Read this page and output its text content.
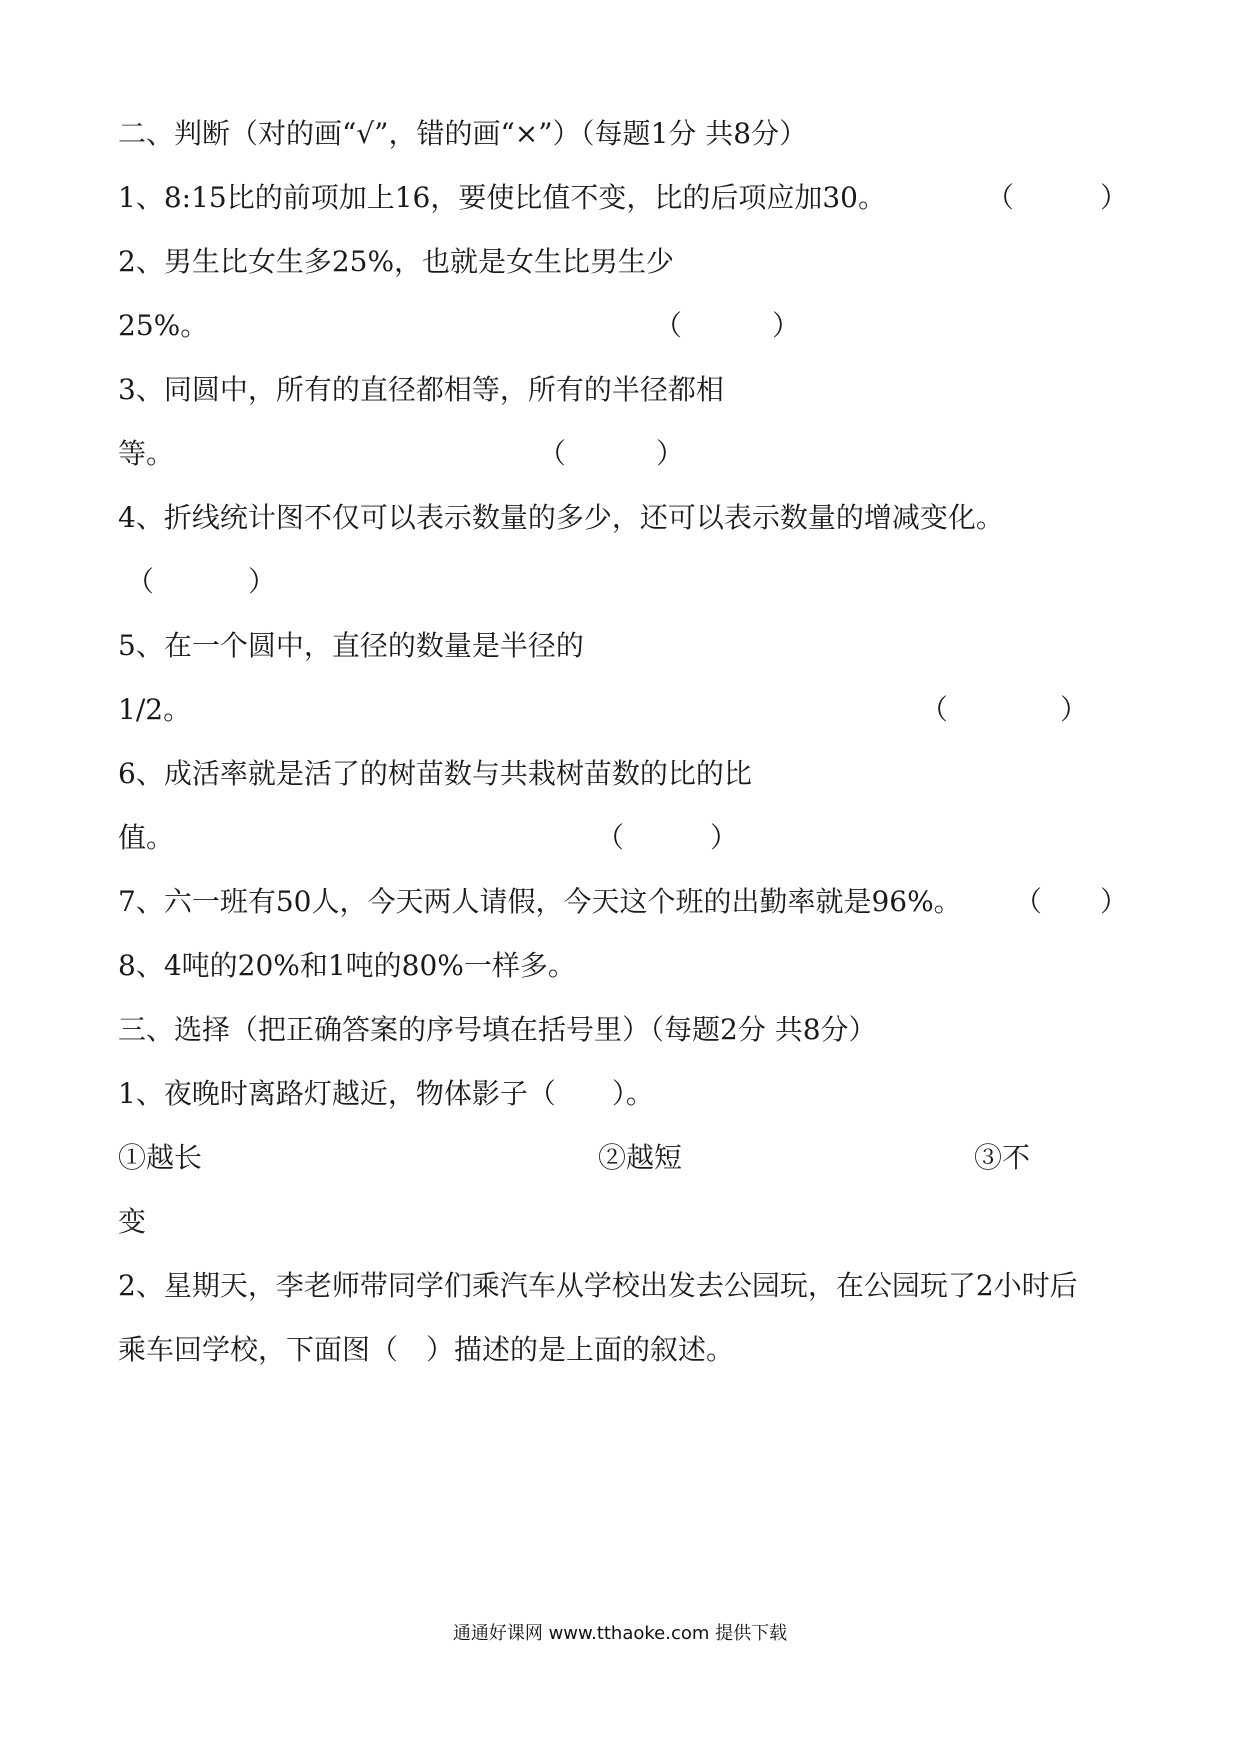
二、判断（对的画“√”，错的画“×”）（每题1分 共8分）
1、8:15比的前项加上16，要使比值不变，比的后项应加30。	（	）
2、男生比女生多25%，也就是女生比男生少
25%。	（	）
3、同圆中，所有的直径都相等，所有的半径都相
等。	（	）
4、折线统计图不仅可以表示数量的多少，还可以表示数量的增减变化。
（	）
5、在一个圆中，直径的数量是半径的
1/2。	（	）
6、成活率就是活了的树苗数与共栽树苗数的比的比
值。	（	）
7、六一班有50人，今天两人请假，今天这个班的出勤率就是96%。 （ ）
8、4吨的20%和1吨的80%一样多。
三、选择（把正确答案的序号填在括号里）（每题2分 共8分）
1、夜晚时离路灯越近，物体影子（　　）。
①越长	②越短	③不
变
2、星期天，李老师带同学们乘汽车从学校出发去公园玩，在公园玩了2小时后
乘车回学校，下面图（　）描述的是上面的叙述。
通通好课网 www.tthaoke.com 提供下载
